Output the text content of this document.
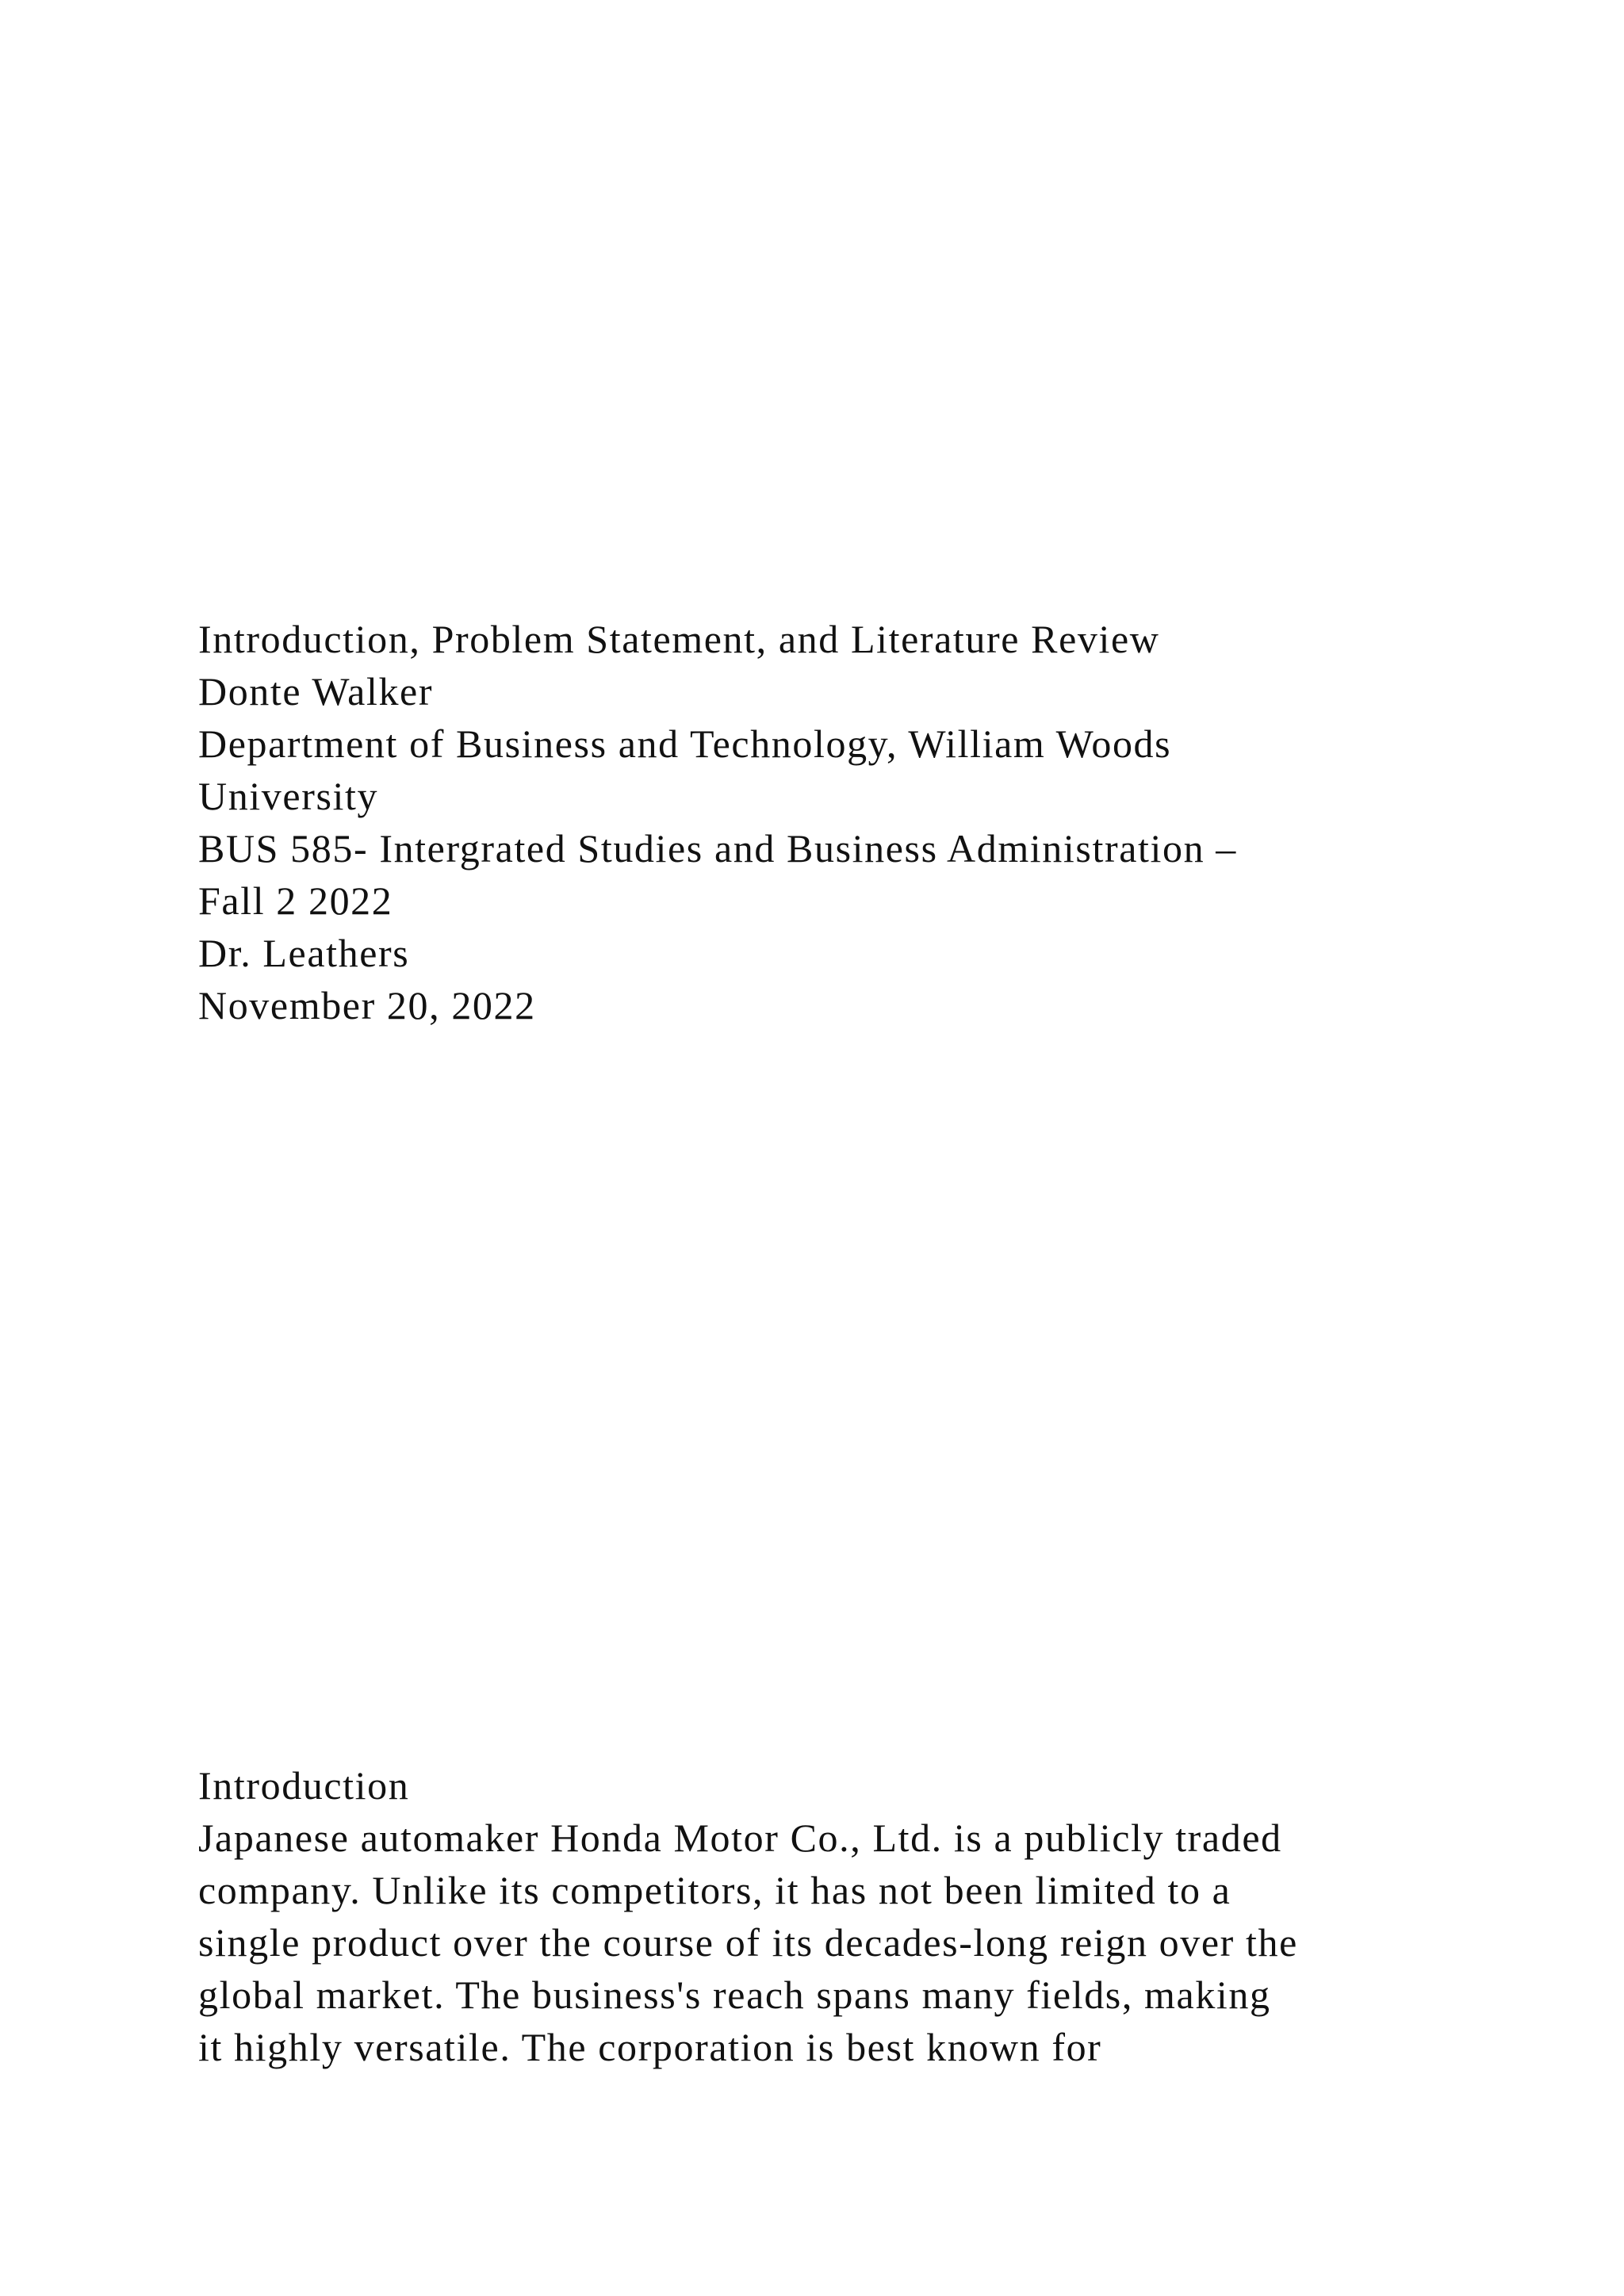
Introduction, Problem Statement, and Literature Review
Donte Walker
Department of Business and Technology, William Woods
University
BUS 585- Intergrated Studies and Business Administration –
Fall 2 2022
Dr. Leathers
November 20, 2022
Introduction
Japanese automaker Honda Motor Co., Ltd. is a publicly traded
company. Unlike its competitors, it has not been limited to a
single product over the course of its decades-long reign over the
global market. The business's reach spans many fields, making
it highly versatile. The corporation is best known for
